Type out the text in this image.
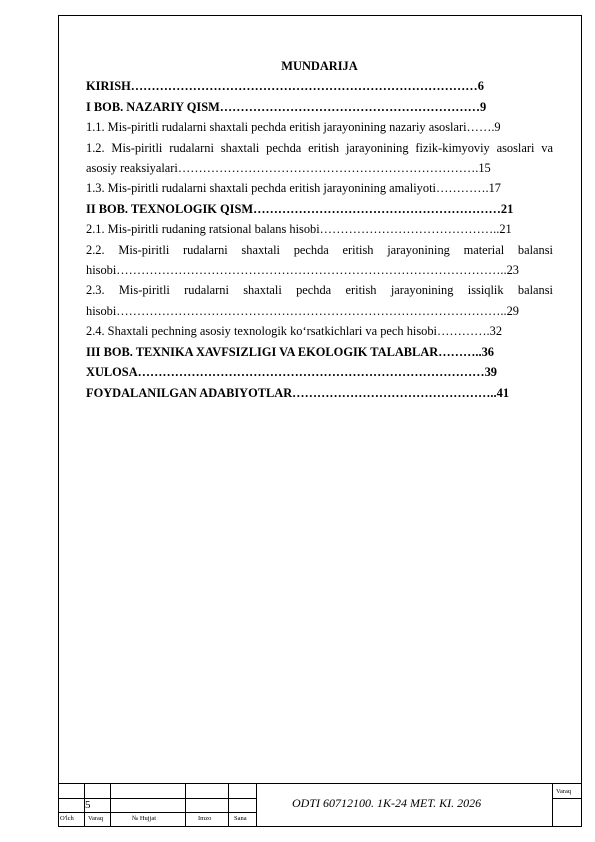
MUNDARIJA
KIRISH…………………………………………………………………………6
I BOB. NAZARIY QISM………………………………………………………9
1.1. Mis-piritli rudalarni shaxtali pechda eritish jarayonining nazariy asoslari…….9
1.2. Mis-piritli rudalarni shaxtali pechda eritish jarayonining fizik-kimyoviy asoslari va asosiy reaksiyalari……………………………………………………………….15
1.3. Mis-piritli rudalarni shaxtali pechda eritish jarayonining amaliyoti………….17
II BOB. TEXNOLOGIK QISM……………………………………………………21
2.1. Mis-piritli rudaning ratsional balans hisobi……………………………………..21
2.2. Mis-piritli rudalarni shaxtali pechda eritish jarayonining material balansi hisobi…………………………………………………………………………………..23
2.3. Mis-piritli rudalarni shaxtali pechda eritish jarayonining issiqlik balansi hisobi…………………………………………………………………………………..29
2.4. Shaxtali pechning asosiy texnologik ko‘rsatkichlari va pech hisobi………….32
III BOB. TEXNIKA XAVFSIZLIGI VA EKOLOGIK TALABLAR………..36
XULOSA…………………………………………………………………………39
FOYDALANILGAN ADABIYOTLAR…………………………………………..41
5
O'lch Varaq	№ Hujjat	Imzo	Sana
ODTI 60712100. 1K-24 MET. KI. 2026
Varaq
